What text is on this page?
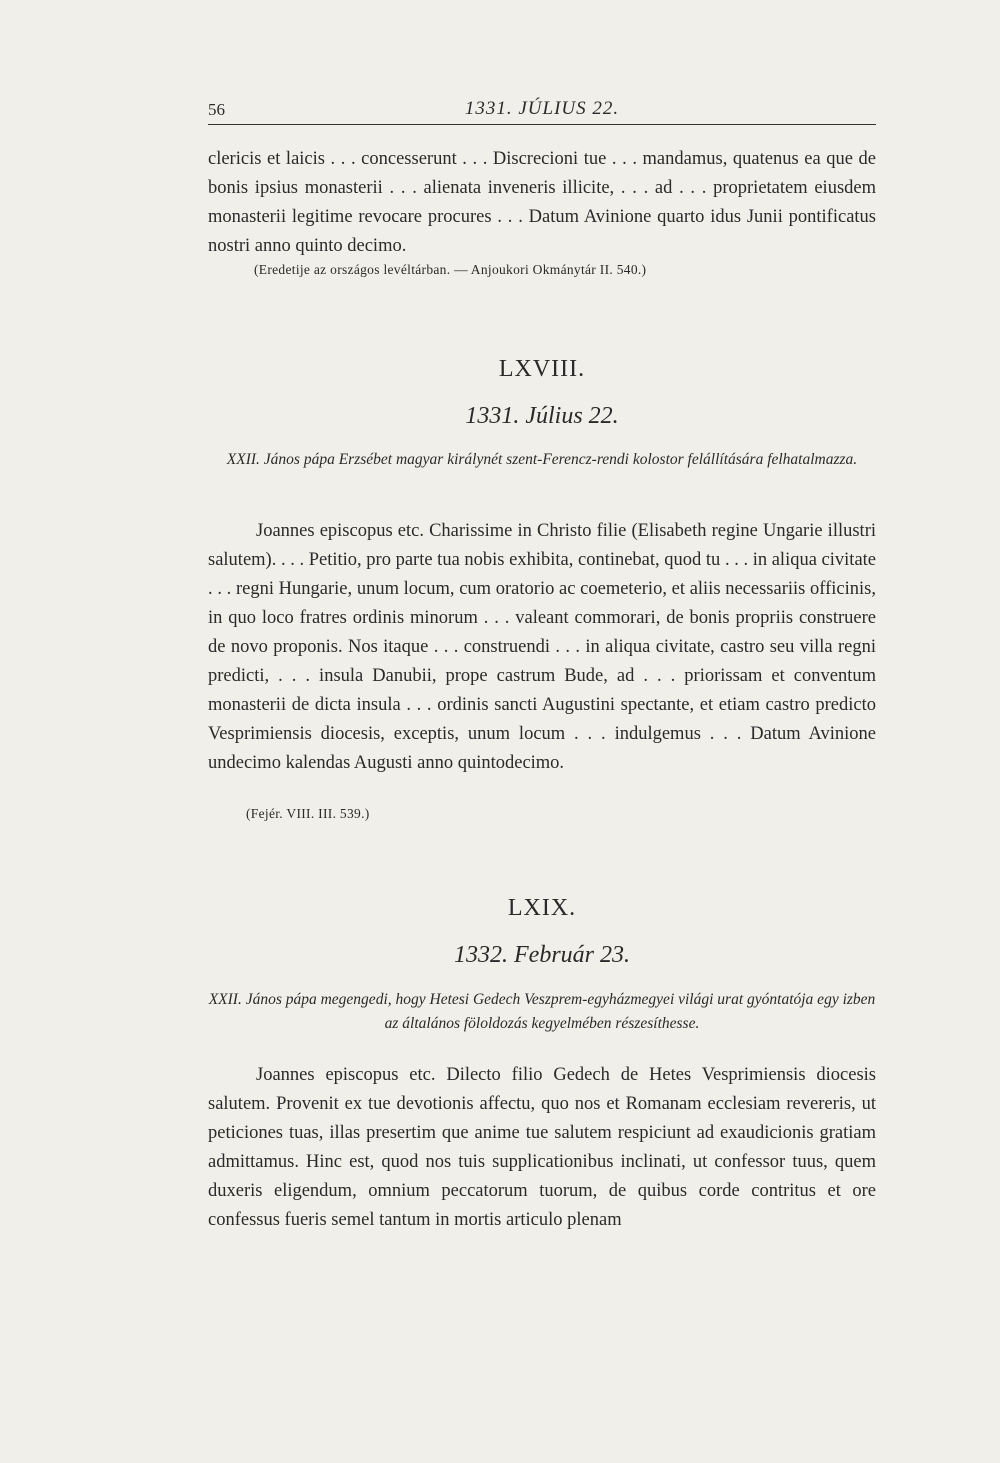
56	1331. JÚLIUS 22.

clericis et laicis . . . concesserunt . . . Discrecioni tue . . . mandamus, quatenus ea que de bonis ipsius monasterii . . . alienata inveneris illicite, . . . ad . . . proprietatem eiusdem monasterii legitime revocare procures . . . Datum Avinione quarto idus Junii pontificatus nostri anno quinto decimo.

(Eredetije az országos levéltárban. — Anjoukori Okmánytár II. 540.)
LXVIII.
1331. Július 22.

XXII. János pápa Erzsébet magyar királynét szent-Ferencz-rendi kolostor felállítására felhatalmazza.

Joannes episcopus etc. Charissime in Christo filie (Elisabeth regine Ungarie illustri salutem). . . . Petitio, pro parte tua nobis exhibita, continebat, quod tu . . . in aliqua civitate . . . regni Hungarie, unum locum, cum oratorio ac coemeterio, et aliis necessariis officinis, in quo loco fratres ordinis minorum . . . valeant commorari, de bonis propriis construere de novo proponis. Nos itaque . . . construendi . . . in aliqua civitate, castro seu villa regni predicti, . . . insula Danubii, prope castrum Bude, ad . . . priorissam et conventum monasterii de dicta insula . . . ordinis sancti Augustini spectante, et etiam castro predicto Vesprimiensis diocesis, exceptis, unum locum . . . indulgemus . . . Datum Avinione undecimo kalendas Augusti anno quintodecimo.

(Fejér. VIII. III. 539.)
LXIX.
1332. Február 23.

XXII. János pápa megengedi, hogy Hetesi Gedech Veszprem-egyházmegyei világi urat gyóntatója egy izben az általános föloldozás kegyelmében részesíthesse.

Joannes episcopus etc. Dilecto filio Gedech de Hetes Vesprimiensis diocesis salutem. Provenit ex tue devotionis affectu, quo nos et Romanam ecclesiam revereris, ut peticiones tuas, illas presertim que anime tue salutem respiciunt ad exaudicionis gratiam admittamus. Hinc est, quod nos tuis supplicationibus inclinati, ut confessor tuus, quem duxeris eligendum, omnium peccatorum tuorum, de quibus corde contritus et ore confessus fueris semel tantum in mortis articulo plenam
